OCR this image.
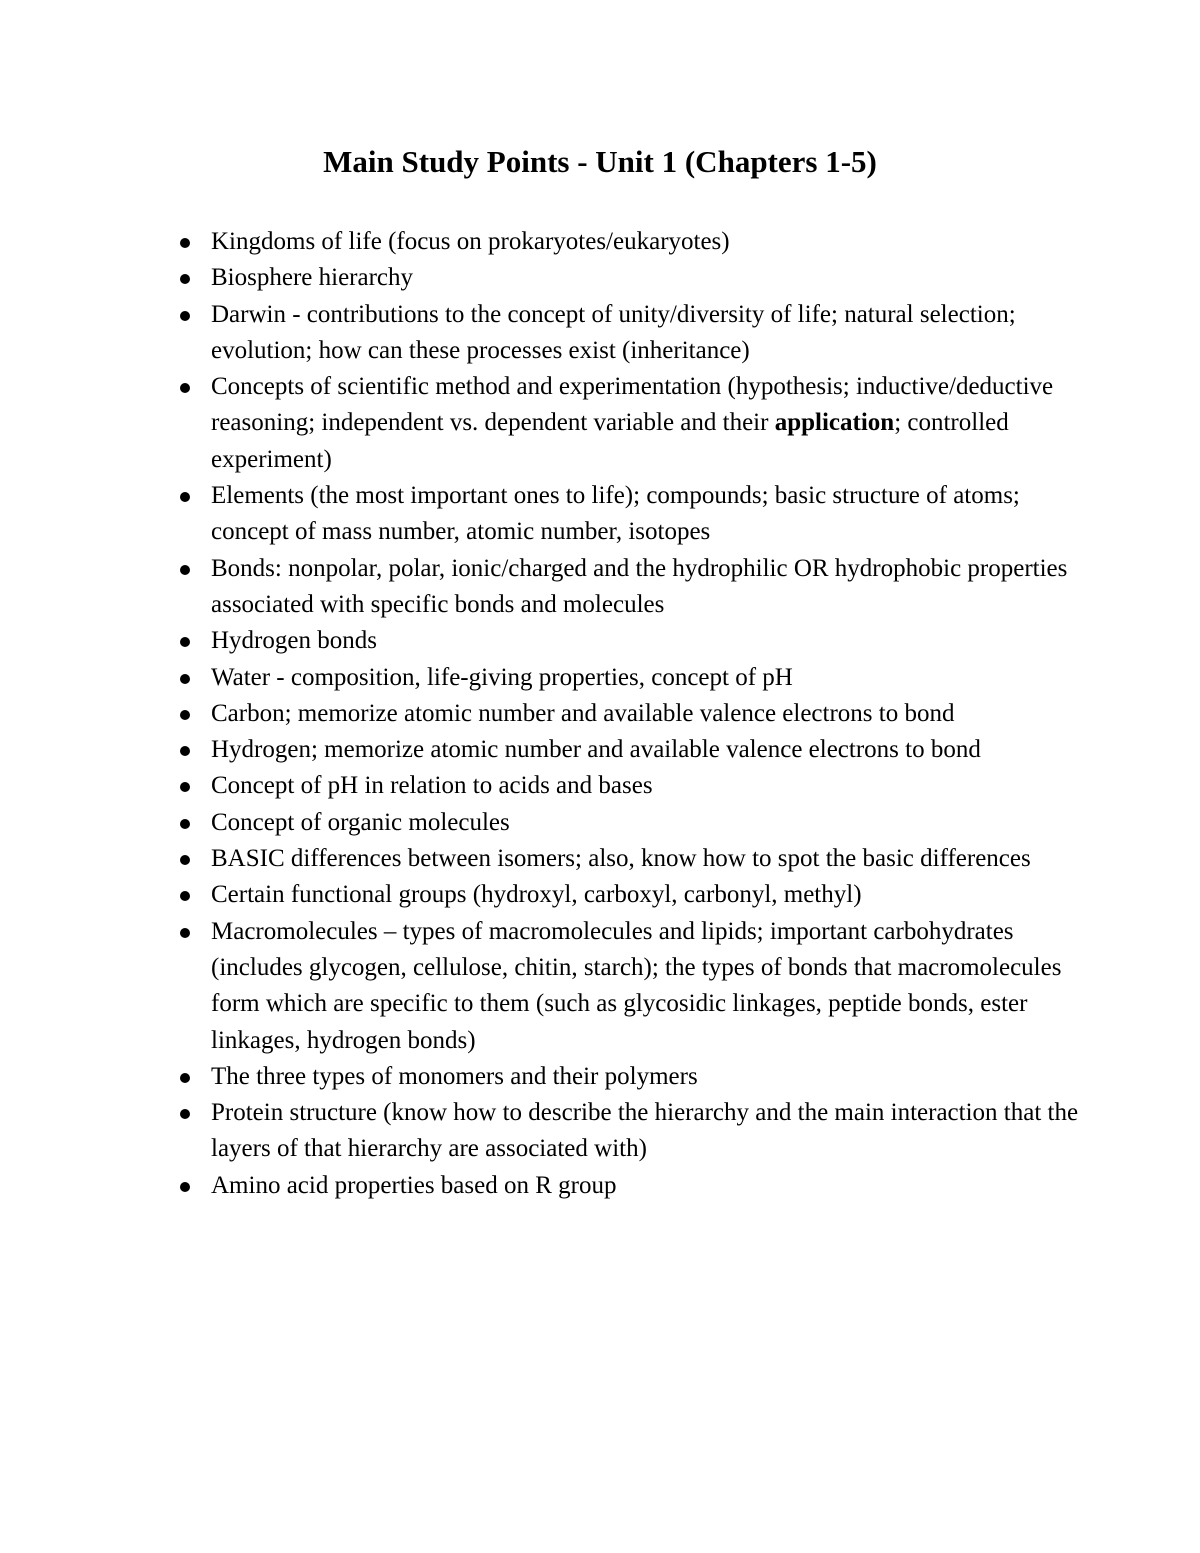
Main Study Points - Unit 1 (Chapters 1-5)
Kingdoms of life (focus on prokaryotes/eukaryotes)
Biosphere hierarchy
Darwin - contributions to the concept of unity/diversity of life; natural selection; evolution; how can these processes exist (inheritance)
Concepts of scientific method and experimentation (hypothesis; inductive/deductive reasoning; independent vs. dependent variable and their application; controlled experiment)
Elements (the most important ones to life); compounds; basic structure of atoms; concept of mass number, atomic number, isotopes
Bonds: nonpolar, polar, ionic/charged and the hydrophilic OR hydrophobic properties associated with specific bonds and molecules
Hydrogen bonds
Water - composition, life-giving properties, concept of pH
Carbon; memorize atomic number and available valence electrons to bond
Hydrogen; memorize atomic number and available valence electrons to bond
Concept of pH in relation to acids and bases
Concept of organic molecules
BASIC differences between isomers; also, know how to spot the basic differences
Certain functional groups (hydroxyl, carboxyl, carbonyl, methyl)
Macromolecules – types of macromolecules and lipids; important carbohydrates (includes glycogen, cellulose, chitin, starch); the types of bonds that macromolecules form which are specific to them (such as glycosidic linkages, peptide bonds, ester linkages, hydrogen bonds)
The three types of monomers and their polymers
Protein structure (know how to describe the hierarchy and the main interaction that the layers of that hierarchy are associated with)
Amino acid properties based on R group
